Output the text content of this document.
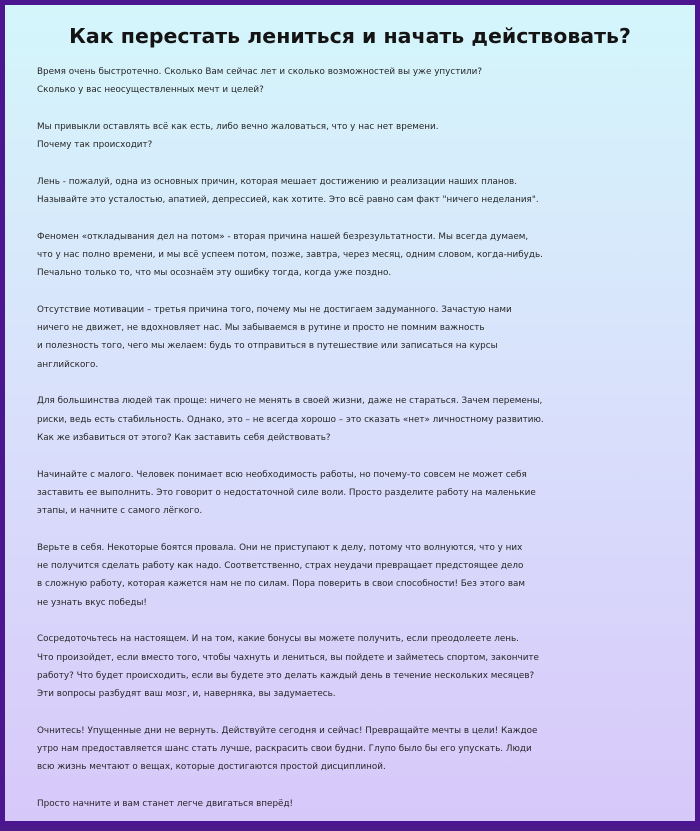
Как перестать лениться и начать действовать?

Время очень быстротечно. Сколько Вам сейчас лет и сколько возможностей вы уже упустили?
Сколько у вас неосуществленных мечт и целей?

Мы привыкли оставлять всё как есть, либо вечно жаловаться, что у нас нет времени.
Почему так происходит?

Лень - пожалуй, одна из основных причин, которая мешает достижению и реализации наших планов.
Называйте это усталостью, апатией, депрессией, как хотите. Это всё равно сам факт "ничего неделания".

Феномен «откладывания дел на потом» - вторая причина нашей безрезультатности. Мы всегда думаем,
что у нас полно времени, и мы всё успеем потом, позже, завтра, через месяц, одним словом, когда-нибудь.
Печально только то, что мы осознаём эту ошибку тогда, когда уже поздно.

Отсутствие мотивации – третья причина того, почему мы не достигаем задуманного. Зачастую нами
ничего не движет, не вдохновляет нас. Мы забываемся в рутине и просто не помним важность
и полезность того, чего мы желаем: будь то отправиться в путешествие или записаться на курсы
английского.

Для большинства людей так проще: ничего не менять в своей жизни, даже не стараться. Зачем перемены,
риски, ведь есть стабильность. Однако, это – не всегда хорошо – это сказать «нет» личностному развитию.
Как же избавиться от этого? Как заставить себя действовать?

Начинайте с малого. Человек понимает всю необходимость работы, но почему-то совсем не может себя
заставить ее выполнить. Это говорит о недостаточной силе воли. Просто разделите работу на маленькие
этапы, и начните с самого лёгкого.

Верьте в себя. Некоторые боятся провала. Они не приступают к делу, потому что волнуются, что у них
не получится сделать работу как надо. Соответственно, страх неудачи превращает предстоящее дело
в сложную работу, которая кажется нам не по силам. Пора поверить в свои способности! Без этого вам
не узнать вкус победы!

Сосредоточьтесь на настоящем. И на том, какие бонусы вы можете получить, если преодолеете лень.
Что произойдет, если вместо того, чтобы чахнуть и лениться, вы пойдете и займетесь спортом, закончите
работу? Что будет происходить, если вы будете это делать каждый день в течение нескольких месяцев?
Эти вопросы разбудят ваш мозг, и, наверняка, вы задумаетесь.

Очнитесь! Упущенные дни не вернуть. Действуйте сегодня и сейчас! Превращайте мечты в цели! Каждое
утро нам предоставляется шанс стать лучше, раскрасить свои будни. Глупо было бы его упускать. Люди
всю жизнь мечтают о вещах, которые достигаются простой дисциплиной.

Просто начните и вам станет легче двигаться вперёд!
